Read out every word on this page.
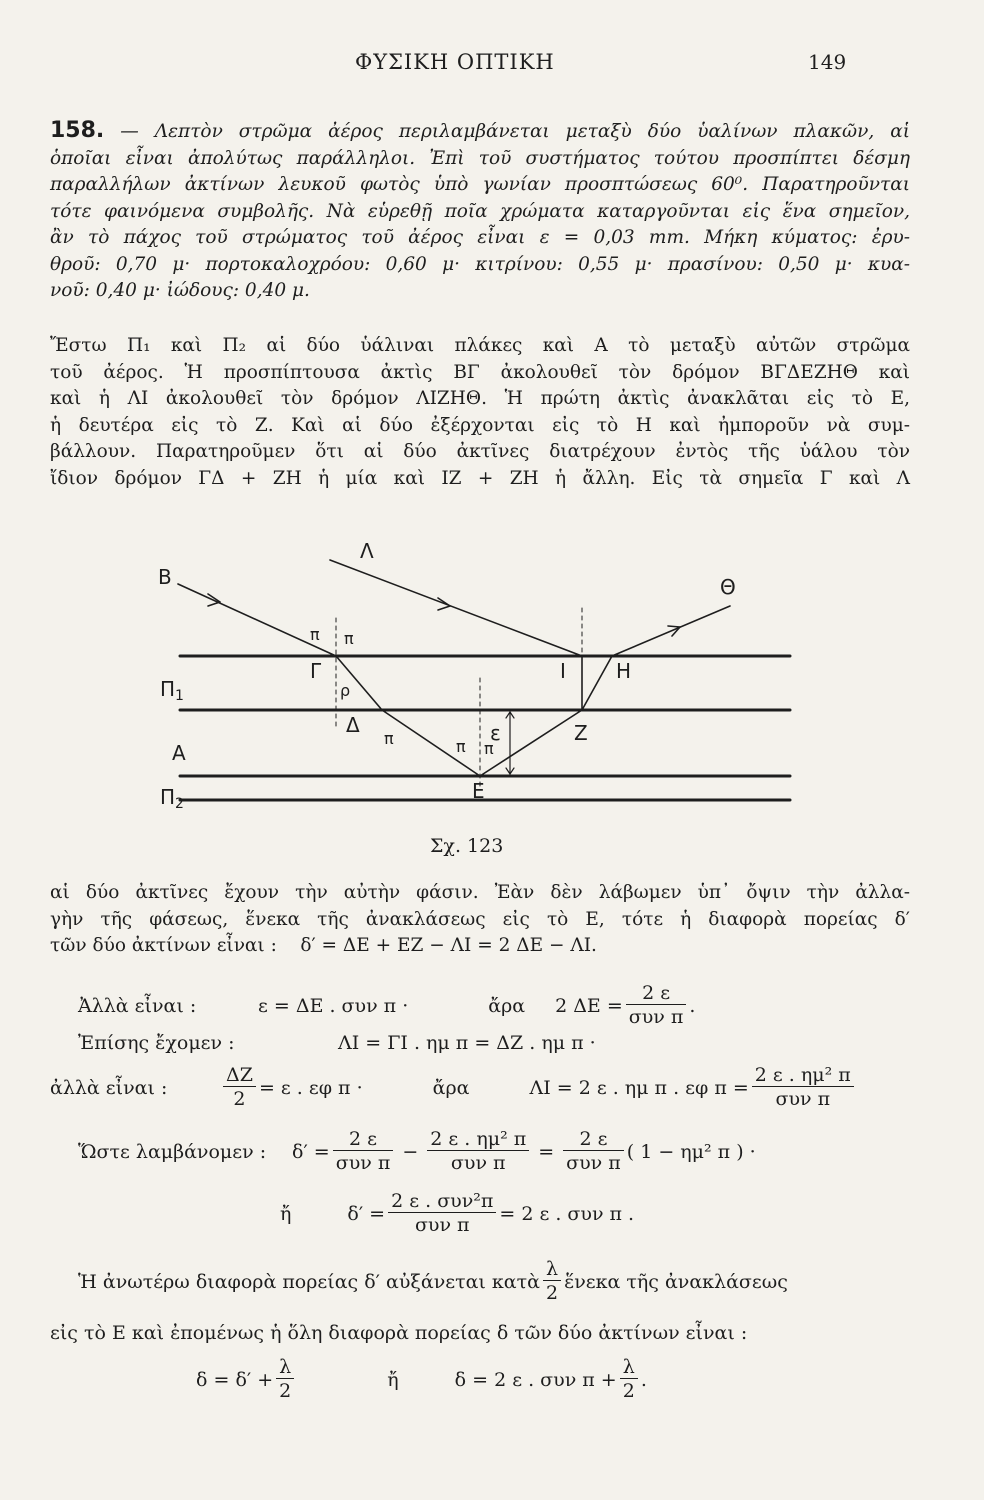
ΦΥΣΙΚΗ ΟΠΤΙΚΗ	149
158. — Λεπτὸν στρῶμα ἀέρος περιλαμβάνεται μεταξὺ δύο ὑαλίνων πλακῶν, αἱ
ὁποῖαι εἶναι ἀπολύτως παράλληλοι. Ἐπὶ τοῦ συστήματος τούτου προσπίπτει δέσμη
παραλλήλων ἀκτίνων λευκοῦ φωτὸς ὑπὸ γωνίαν προσπτώσεως 60⁰. Παρατηροῦνται
τότε φαινόμενα συμβολῆς. Νὰ εὑρεθῇ ποῖα χρώματα καταργοῦνται εἰς ἕνα σημεῖον,
ἂν τὸ πάχος τοῦ στρώματος τοῦ ἀέρος εἶναι ε = 0,03 mm. Μήκη κύματος: ἐρυ-
θροῦ: 0,70 μ· πορτοκαλοχρόου: 0,60 μ· κιτρίνου: 0,55 μ· πρασίνου: 0,50 μ· κυα-
νοῦ: 0,40 μ· ἰώδους: 0,40 μ.
Ἔστω Π₁ καὶ Π₂ αἱ δύο ὑάλιναι πλάκες καὶ Α τὸ μεταξὺ αὐτῶν στρῶμα
τοῦ ἀέρος. Ἡ προσπίπτουσα ἀκτὶς ΒΓ ἀκολουθεῖ τὸν δρόμον ΒΓΔΕΖΗΘ καὶ
καὶ ἡ ΛΙ ἀκολουθεῖ τὸν δρόμον ΛΙΖΗΘ. Ἡ πρώτη ἀκτὶς ἀνακλᾶται εἰς τὸ Ε,
ἡ δευτέρα εἰς τὸ Ζ. Καὶ αἱ δύο ἐξέρχονται εἰς τὸ Η καὶ ἠμποροῦν νὰ συμ-
βάλλουν. Παρατηροῦμεν ὅτι αἱ δύο ἀκτῖνες διατρέχουν ἐντὸς τῆς ὑάλου τὸν
ἴδιον δρόμον ΓΔ + ΖΗ ἡ μία καὶ ΙΖ + ΖΗ ἡ ἄλλη. Εἰς τὰ σημεῖα Γ καὶ Λ
Β
Λ
Θ
π π
Γ
ρ
Ι	Η
Δ
π	ε	Ζ
π π
Ε
Α
$\Pi_1$
$\Pi_2$
Σχ. 123
αἱ δύο ἀκτῖνες ἔχουν τὴν αὐτὴν φάσιν. Ἐὰν δὲν λάβωμεν ὑπ᾽ ὄψιν τὴν ἀλλα-
γὴν τῆς φάσεως, ἕνεκα τῆς ἀνακλάσεως εἰς τὸ Ε, τότε ἡ διαφορὰ πορείας δ′
τῶν δύο ἀκτίνων εἶναι : δ′ = ΔΕ + ΕΖ − ΛΙ = 2 ΔΕ − ΛΙ.
Ἀλλὰ εἶναι :	ε = ΔΕ . συν π ·	ἄρα 2 $\Delta E = \frac{2 \varepsilon}{\text{συν π}}$ .
Ἐπίσης ἔχομεν :	ΛΙ = ΓΙ . ημ π = ΔΖ . ημ π ·
ἀλλὰ εἶναι :	$\frac{\Delta Z}{2} = \varepsilon$ . εφ π ·	ἄρα	ΛΙ = 2 ε . ημ π . εφ $\pi = \frac{\text{2 ε . ημ² π}}{\text{συν π}}$
Ὥστε λαμβάνομεν :	$\delta' = \frac{2 \varepsilon}{\text{συν π}} - \frac{\text{2 ε . ημ² π}}{\text{συν π}} = \frac{2 \varepsilon}{\text{συν π}}$ ( 1 − ημ² π ) ·
ἤ	$\delta' = \frac{\text{2 ε . συν²π}}{\text{συν π}} = 2$ ε . συν π .
Ἡ ἀνωτέρω διαφορὰ πορείας δ′ αὐξάνεται κατὰ $\frac{\lambda}{2}$ ἕνεκα τῆς ἀνακλάσεως
εἰς τὸ Ε καὶ ἐπομένως ἡ ὅλη διαφορὰ πορείας δ τῶν δύο ἀκτίνων εἶναι :
$\delta = \delta' + \frac{\lambda}{2}$	ἤ	δ = 2 ε . συν $\pi + \frac{\lambda}{2}$ .
